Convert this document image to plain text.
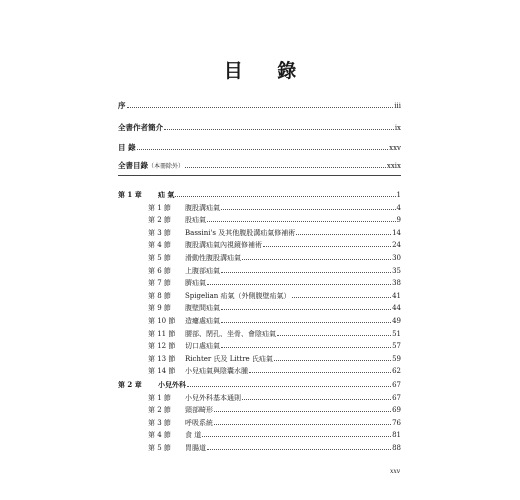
目 錄
序	iii
全書作者簡介	ix
目 錄	xxv
全書目錄（本冊除外）	xxix
第 1 章 疝 氣	1
第 1 節 腹股溝疝氣	4
第 2 節 股疝氣	9
第 3 節 Bassini's 及其他腹股溝疝氣修補術	14
第 4 節 腹股溝疝氣內視鏡修補術	24
第 5 節 滑動性腹股溝疝氣	30
第 6 節 上腹部疝氣	35
第 7 節 臍疝氣	38
第 8 節 Spigelian 疝氣（外側腹壁疝氣）	41
第 9 節 腹壁間疝氣	44
第 10 節 造瘻處疝氣	49
第 11 節 腰部、閉孔、坐骨、會陰疝氣	51
第 12 節 切口處疝氣	57
第 13 節 Richter 氏及 Littre 氏疝氣	59
第 14 節 小兒疝氣與陰囊水腫	62
第 2 章 小兒外科	67
第 1 節 小兒外科基本通則	67
第 2 節 頸部畸形	69
第 3 節 呼吸系統	76
第 4 節 食 道	81
第 5 節 胃腸道	88
xxv
